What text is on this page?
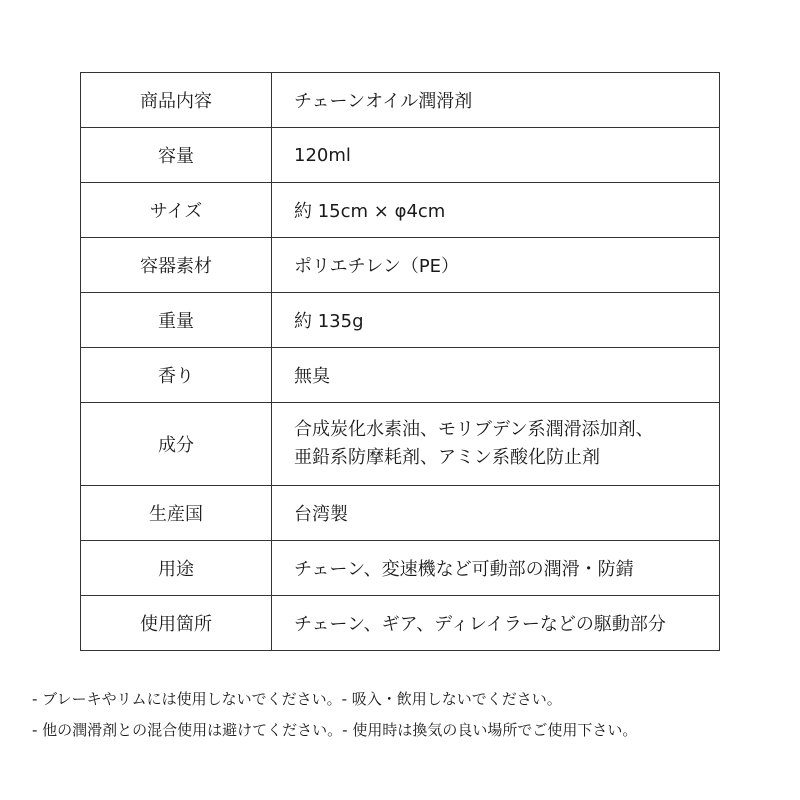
商品内容	チェーンオイル潤滑剤
容量	120ml
サイズ	約 15cm × φ4cm
容器素材	ポリエチレン（PE）
重量	約 135g
香り	無臭
成分	合成炭化水素油、モリブデン系潤滑添加剤、
亜鉛系防摩耗剤、アミン系酸化防止剤

生産国	台湾製
用途	チェーン、変速機など可動部の潤滑・防錆
使用箇所	チェーン、ギア、ディレイラーなどの駆動部分
- ブレーキやリムには使用しないでください。- 吸入・飲用しないでください。
- 他の潤滑剤との混合使用は避けてください。- 使用時は換気の良い場所でご使用下さい。
